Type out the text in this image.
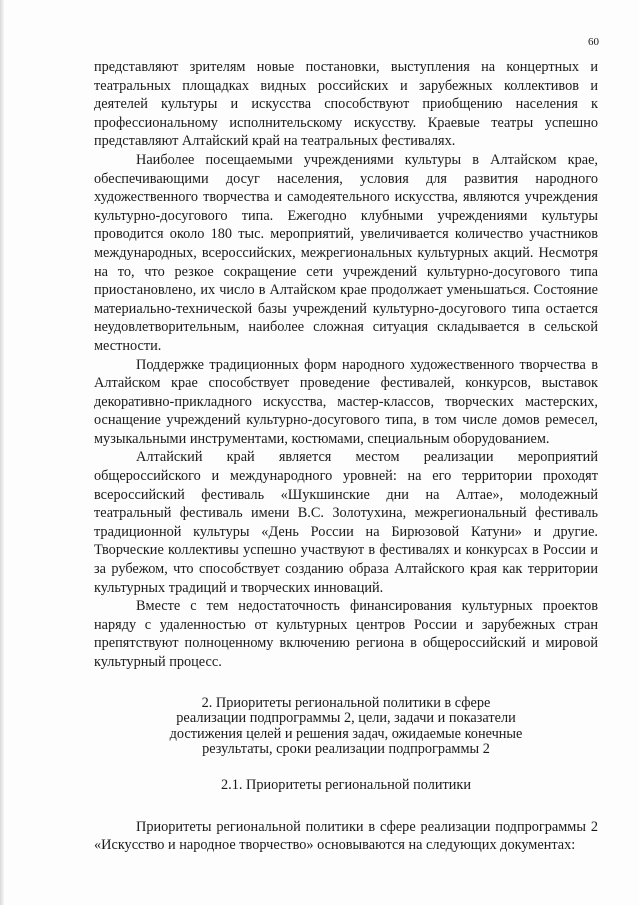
60

представляют зрителям новые постановки, выступления на концертных и театральных площадках видных российских и зарубежных коллективов и деятелей культуры и искусства способствуют приобщению населения к профессиональному исполнительскому искусству. Краевые театры успешно представляют Алтайский край на театральных фестивалях.

Наиболее посещаемыми учреждениями культуры в Алтайском крае, обеспечивающими досуг населения, условия для развития народного художественного творчества и самодеятельного искусства, являются учреждения культурно-досугового типа. Ежегодно клубными учреждениями культуры проводится около 180 тыс. мероприятий, увеличивается количество участников международных, всероссийских, межрегиональных культурных акций. Несмотря на то, что резкое сокращение сети учреждений культурно-досугового типа приостановлено, их число в Алтайском крае продолжает уменьшаться. Состояние материально-технической базы учреждений культурно-досугового типа остается неудовлетворительным, наиболее сложная ситуация складывается в сельской местности.

Поддержке традиционных форм народного художественного творчества в Алтайском крае способствует проведение фестивалей, конкурсов, выставок декоративно-прикладного искусства, мастер-классов, творческих мастерских, оснащение учреждений культурно-досугового типа, в том числе домов ремесел, музыкальными инструментами, костюмами, специальным оборудованием.

Алтайский край является местом реализации мероприятий общероссийского и международного уровней: на его территории проходят всероссийский фестиваль «Шукшинские дни на Алтае», молодежный театральный фестиваль имени В.С. Золотухина, межрегиональный фестиваль традиционной культуры «День России на Бирюзовой Катуни» и другие. Творческие коллективы успешно участвуют в фестивалях и конкурсах в России и за рубежом, что способствует созданию образа Алтайского края как территории культурных традиций и творческих инноваций.

Вместе с тем недостаточность финансирования культурных проектов наряду с удаленностью от культурных центров России и зарубежных стран препятствуют полноценному включению региона в общероссийский и мировой культурный процесс.

2. Приоритеты региональной политики в сфере

реализации подпрограммы 2, цели, задачи и показатели

достижения целей и решения задач, ожидаемые конечные

результаты, сроки реализации подпрограммы 2

2.1. Приоритеты региональной политики

Приоритеты региональной политики в сфере реализации подпрограммы 2 «Искусство и народное творчество» основываются на следующих документах:
